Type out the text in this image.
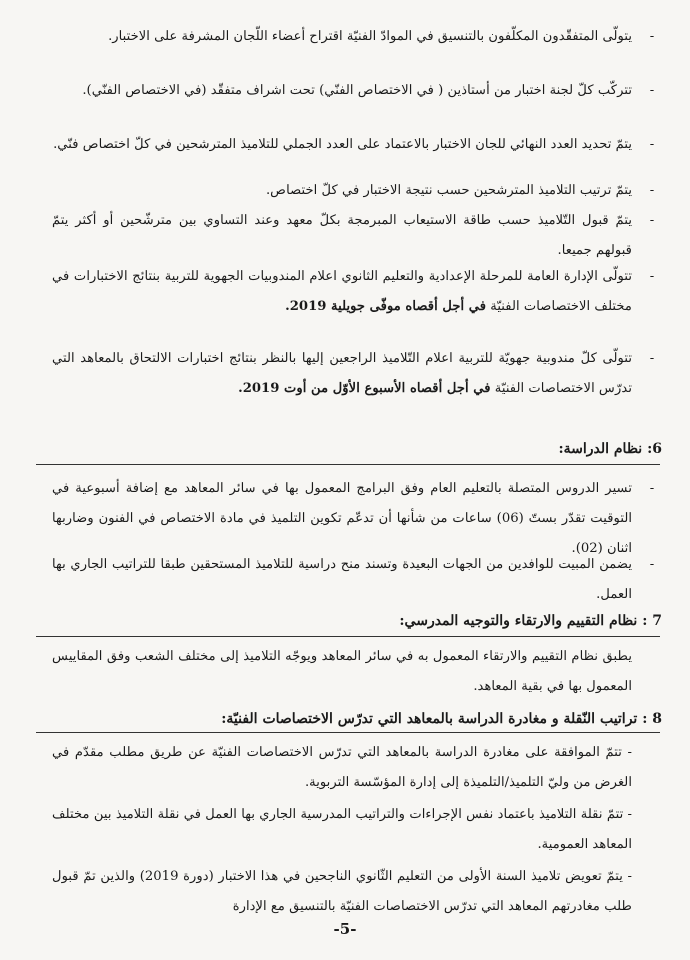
-
يتولّى المتفقّدون المكلّفون بالتنسيق في الموادّ الفنيّة اقتراح أعضاء اللّجان المشرفة على الاختبار.
-
تتركّب كلّ لجنة اختبار من أستاذين ( في الاختصاص الفنّي) تحت اشراف متفقّد (في الاختصاص الفنّي).
-
يتمّ تحديد العدد النهائي للجان الاختبار بالاعتماد على العدد الجملي للتلاميذ المترشحين في كلّ اختصاص فنّي.
-
يتمّ ترتيب التلاميذ المترشحين حسب نتيجة الاختبار في كلّ اختصاص.
-
يتمّ قبول التّلاميذ حسب طاقة الاستيعاب المبرمجة بكلّ معهد وعند التساوي بين مترشّحين أو أكثر يتمّ قبولهم جميعا.
-
تتولّى الإدارة العامة للمرحلة الإعدادية والتعليم الثانوي اعلام المندوبيات الجهوية للتربية بنتائج الاختبارات في مختلف الاختصاصات الفنيّة في أجل أقصاه موفّى جويلية 2019.
-
تتولّى كلّ مندوبية جهويّة للتربية اعلام التّلاميذ الراجعين إليها بالنظر بنتائج اختبارات الالتحاق بالمعاهد التي تدرّس الاختصاصات الفنيّة في أجل أقصاه الأسبوع الأوّل من أوت 2019.
6: نظام الدراسة:
-
تسير الدروس المتصلة بالتعليم العام وفق البرامج المعمول بها في سائر المعاهد مع إضافة أسبوعية في التوقيت تقدّر بستّ (06) ساعات من شأنها أن تدعّم تكوين التلميذ في مادة الاختصاص في الفنون وضاربها اثنان (02).
-
يضمن المبيت للوافدين من الجهات البعيدة وتسند منح دراسية للتلاميذ المستحقين طبقا للتراتيب الجاري بها العمل.
7 : نظام التقييم والارتقاء والتوجيه المدرسي:
يطبق نظام التقييم والارتقاء المعمول به في سائر المعاهد ويوجّه التلاميذ إلى مختلف الشعب وفق المقاييس المعمول بها في بقية المعاهد.
8 : تراتيب النّقلة و مغادرة الدراسة بالمعاهد التي تدرّس الاختصاصات الفنيّة:
- تتمّ الموافقة على مغادرة الدراسة بالمعاهد التي تدرّس الاختصاصات الفنيّة عن طريق مطلب مقدّم في الغرض من وليّ التلميذ/التلميذة إلى إدارة المؤسّسة التربوية.
- تتمّ نقلة التلاميذ باعتماد نفس الإجراءات والتراتيب المدرسية الجاري بها العمل في نقلة التلاميذ بين مختلف المعاهد العمومية.
- يتمّ تعويض تلاميذ السنة الأولى من التعليم الثّانوي الناجحين في هذا الاختبار (دورة 2019) والذين تمّ قبول طلب مغادرتهم المعاهد التي تدرّس الاختصاصات الفنيّة بالتنسيق مع الإدارة
-5-
